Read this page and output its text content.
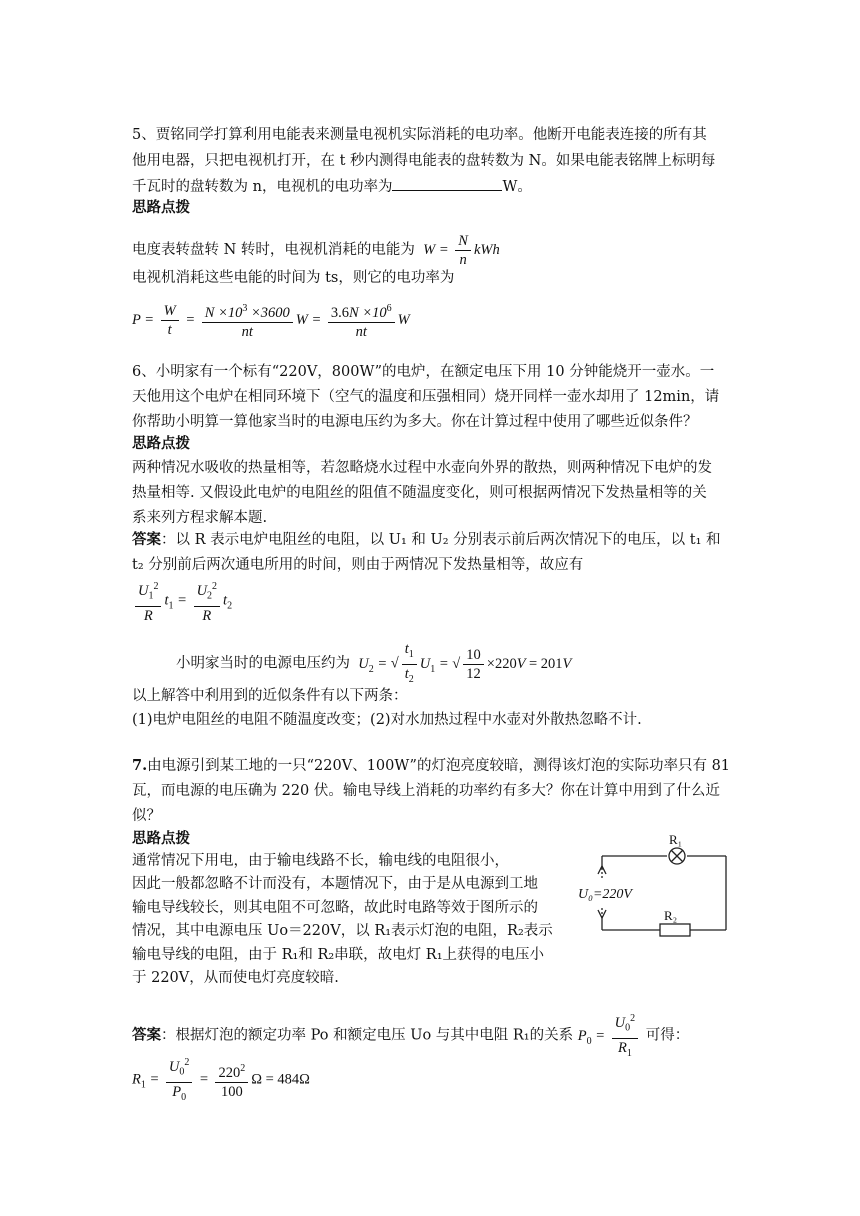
5、贾铭同学打算利用电能表来测量电视机实际消耗的电功率。他断开电能表连接的所有其
他用电器，只把电视机打开，在 t 秒内测得电能表的盘转数为 N。如果电能表铭牌上标明每
千瓦时的盘转数为 n，电视机的电功率为	W。
思路点拨
电度表转盘转 N 转时，电视机消耗的电能为  $W = \frac{N}{n}$ kWh
电视机消耗这些电能的时间为 ts，则它的电功率为
$P = \frac{W}{t} = \frac{N \times 10^3 \times 3600}{nt}$ $W = \frac{3.6N \times 10^6}{nt}$ W
6、小明家有一个标有“220V，800W”的电炉，在额定电压下用 10 分钟能烧开一壶水。一
天他用这个电炉在相同环境下（空气的温度和压强相同）烧开同样一壶水却用了 12min，请
你帮助小明算一算他家当时的电源电压约为多大。你在计算过程中使用了哪些近似条件？
思路点拨
两种情况水吸收的热量相等，若忽略烧水过程中水壶向外界的散热，则两种情况下电炉的发
热量相等. 又假设此电炉的电阻丝的阻值不随温度变化，则可根据两情况下发热量相等的关
系来列方程求解本题.
答案：以 R 表示电炉电阻丝的电阻，以 U₁ 和 U₂ 分别表示前后两次情况下的电压，以 t₁ 和
t₂ 分别前后两次通电所用的时间，则由于两情况下发热量相等，故应有
$\frac{U_1^2}{R} t_1 = \frac{U_2^2}{R} t_2$
小明家当时的电源电压约为  $U_2$ = √ $\frac{t_1}{t_2} U_1$ = √ $\frac{10}{12} \times 220V = 201V$
以上解答中利用到的近似条件有以下两条：
(1)电炉电阻丝的电阻不随温度改变；(2)对水加热过程中水壶对外散热忽略不计.
7.由电源引到某工地的一只“220V、100W”的灯泡亮度较暗，测得该灯泡的实际功率只有 81
瓦，而电源的电压确为 220 伏。输电导线上消耗的功率约有多大？你在计算中用到了什么近
似？
思路点拨
通常情况下用电，由于输电线路不长，输电线的电阻很小，
因此一般都忽略不计而没有，本题情况下，由于是从电源到工地
输电导线较长，则其电阻不可忽略，故此时电路等效于图所示的
情况，其中电源电压 Uo＝220V，以 R₁表示灯泡的电阻，R₂表示
输电导线的电阻，由于 R₁和 R₂串联，故电灯 R₁上获得的电压小
于 220V，从而使电灯亮度较暗.
R₁
R₂
U₀=220V
答案：根据灯泡的额定功率 Po 和额定电压 Uo 与其中电阻 R₁的关系 $P_0 = \frac{U_0^2}{R_1}$ 可得：
$R_1 = \frac{U_0^2}{P_0} = \frac{220^2}{100}$ Ω = 484Ω
